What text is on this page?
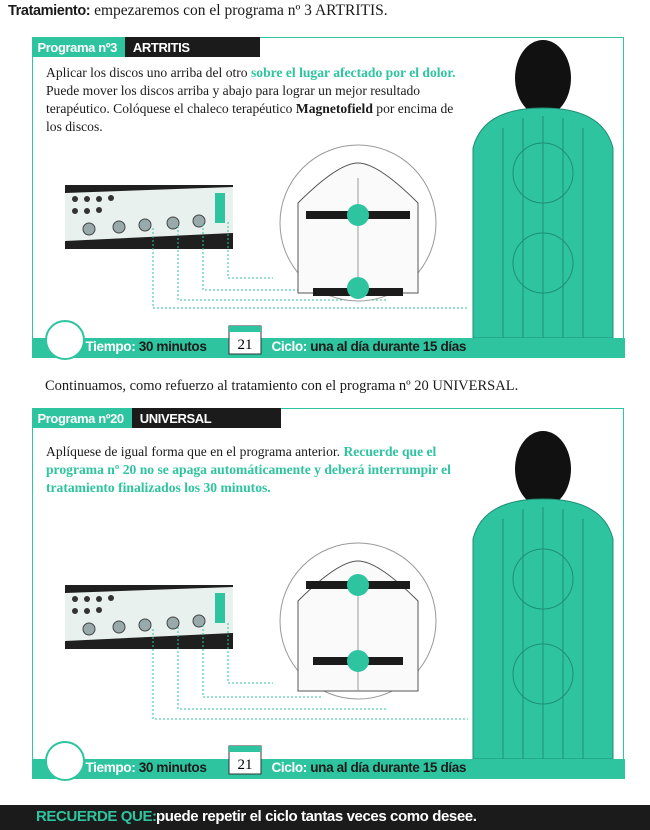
Tratamiento: empezaremos con el programa nº 3 ARTRITIS.
Programa nº3	ARTRITIS
Aplicar los discos uno arriba del otro sobre el lugar afectado por el dolor. Puede mover los discos arriba y abajo para lograr un mejor resultado terapéutico. Colóquese el chaleco terapéutico Magnetofield por encima de los discos.
Tiempo: 30 minutos	Ciclo: una al día durante 15 días
21
Continuamos, como refuerzo al tratamiento con el programa nº 20 UNIVERSAL.
Programa nº20	UNIVERSAL
Aplíquese de igual forma que en el programa anterior. Recuerde que el programa nº 20 no se apaga automáticamente y deberá interrumpir el tratamiento finalizados los 30 minutos.
Tiempo: 30 minutos	Ciclo: una al día durante 15 días
21
RECUERDE QUE: puede repetir el ciclo tantas veces como desee.
